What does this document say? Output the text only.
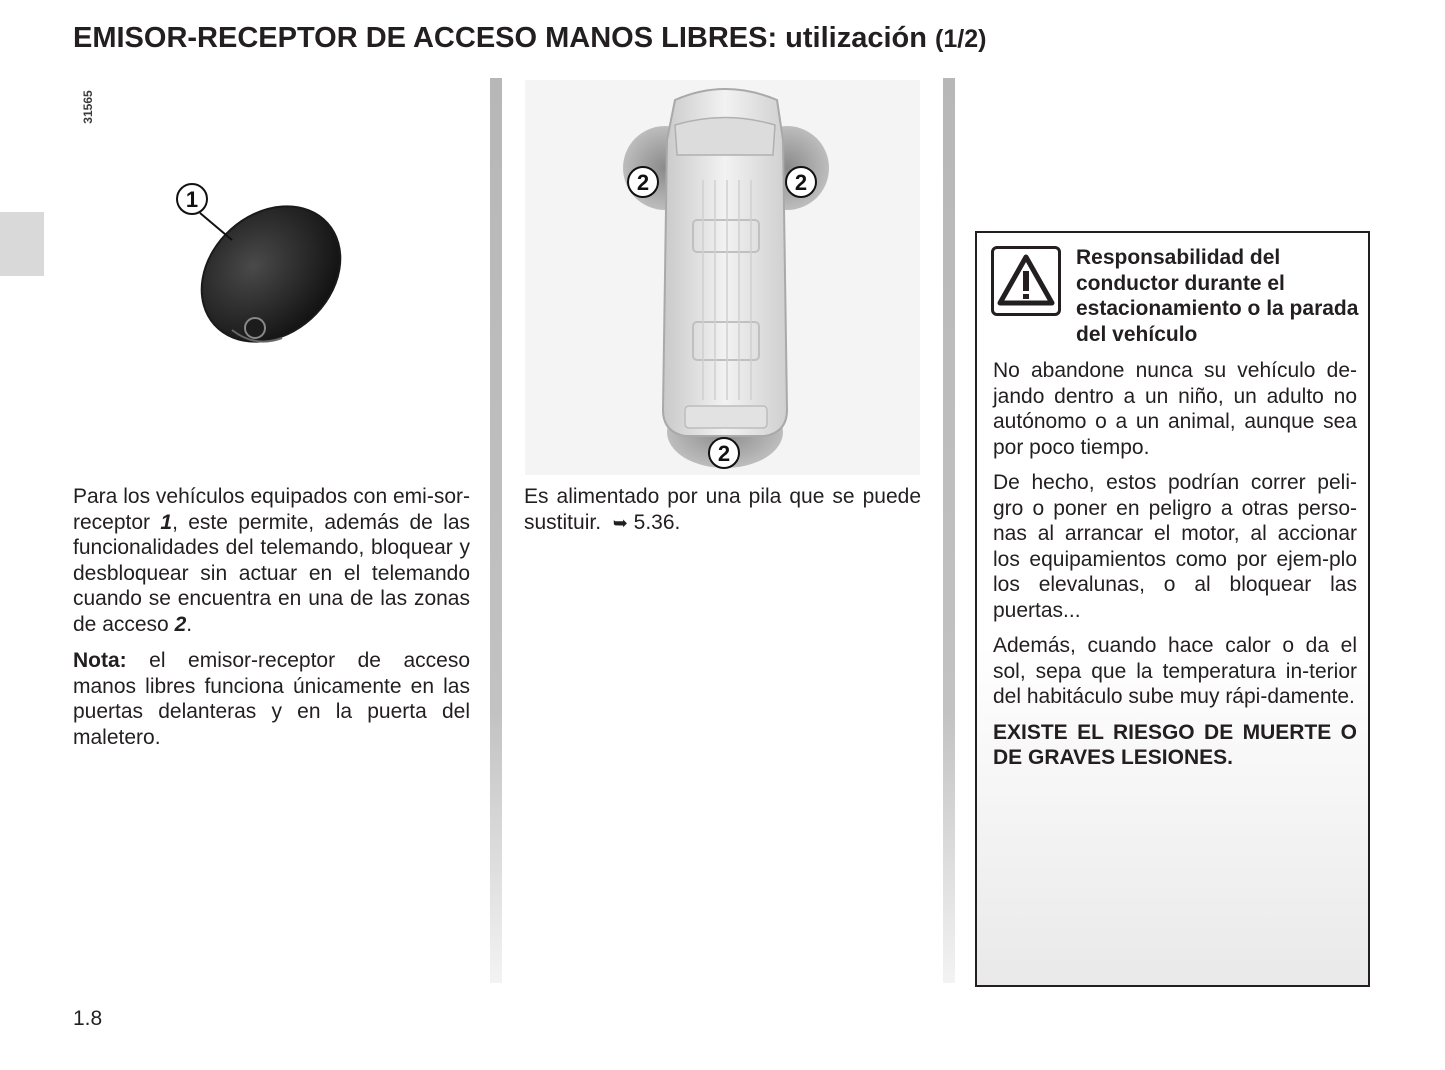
EMISOR-RECEPTOR DE ACCESO MANOS LIBRES: utilización (1/2)
31565
1
2	2
2

Para los vehículos equipados con emi-sor-receptor 1, este permite, además de las funcionalidades del telemando, bloquear y desbloquear sin actuar en el telemando cuando se encuentra en una de las zonas de acceso 2.

Nota: el emisor-receptor de acceso manos libres funciona únicamente en las puertas delanteras y en la puerta del maletero.

Es alimentado por una pila que se puede sustituir. ➥ 5.36.

Responsabilidad del conductor durante el estacionamiento o la parada del vehículo

No abandone nunca su vehículo de-jando dentro a un niño, un adulto no autónomo o a un animal, aunque sea por poco tiempo.

De hecho, estos podrían correr peli-gro o poner en peligro a otras perso-nas al arrancar el motor, al accionar los equipamientos como por ejem-plo los elevalunas, o al bloquear las puertas...

Además, cuando hace calor o da el sol, sepa que la temperatura in-terior del habitáculo sube muy rápi-damente.

EXISTE EL RIESGO DE MUERTE O DE GRAVES LESIONES.

1.8
